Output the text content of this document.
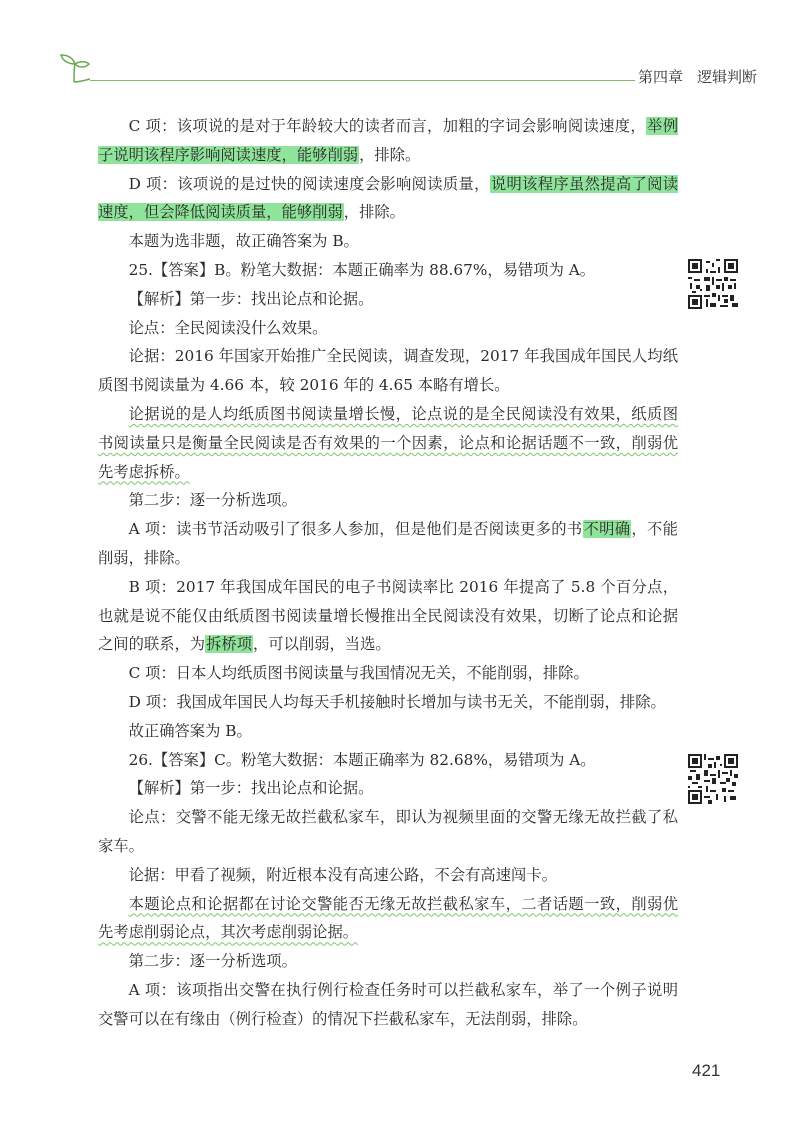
第四章 逻辑判断

C 项：该项说的是对于年龄较大的读者而言，加粗的字词会影响阅读速度，举例子说明该程序影响阅读速度，能够削弱，排除。

D 项：该项说的是过快的阅读速度会影响阅读质量，说明该程序虽然提高了阅读速度，但会降低阅读质量，能够削弱，排除。

本题为选非题，故正确答案为 B。

25.【答案】B。粉笔大数据：本题正确率为 88.67%，易错项为 A。

【解析】第一步：找出论点和论据。

论点：全民阅读没什么效果。

论据：2016 年国家开始推广全民阅读，调查发现，2017 年我国成年国民人均纸质图书阅读量为 4.66 本，较 2016 年的 4.65 本略有增长。

论据说的是人均纸质图书阅读量增长慢，论点说的是全民阅读没有效果，纸质图书阅读量只是衡量全民阅读是否有效果的一个因素，论点和论据话题不一致，削弱优先考虑拆桥。

第二步：逐一分析选项。

A 项：读书节活动吸引了很多人参加，但是他们是否阅读更多的书不明确，不能削弱，排除。

B 项：2017 年我国成年国民的电子书阅读率比 2016 年提高了 5.8 个百分点，也就是说不能仅由纸质图书阅读量增长慢推出全民阅读没有效果，切断了论点和论据之间的联系，为拆桥项，可以削弱，当选。

C 项：日本人均纸质图书阅读量与我国情况无关，不能削弱，排除。

D 项：我国成年国民人均每天手机接触时长增加与读书无关，不能削弱，排除。

故正确答案为 B。

26.【答案】C。粉笔大数据：本题正确率为 82.68%，易错项为 A。

【解析】第一步：找出论点和论据。

论点：交警不能无缘无故拦截私家车，即认为视频里面的交警无缘无故拦截了私家车。

论据：甲看了视频，附近根本没有高速公路，不会有高速闯卡。

本题论点和论据都在讨论交警能否无缘无故拦截私家车，二者话题一致，削弱优先考虑削弱论点，其次考虑削弱论据。

第二步：逐一分析选项。

A 项：该项指出交警在执行例行检查任务时可以拦截私家车，举了一个例子说明交警可以在有缘由（例行检查）的情况下拦截私家车，无法削弱，排除。

421
